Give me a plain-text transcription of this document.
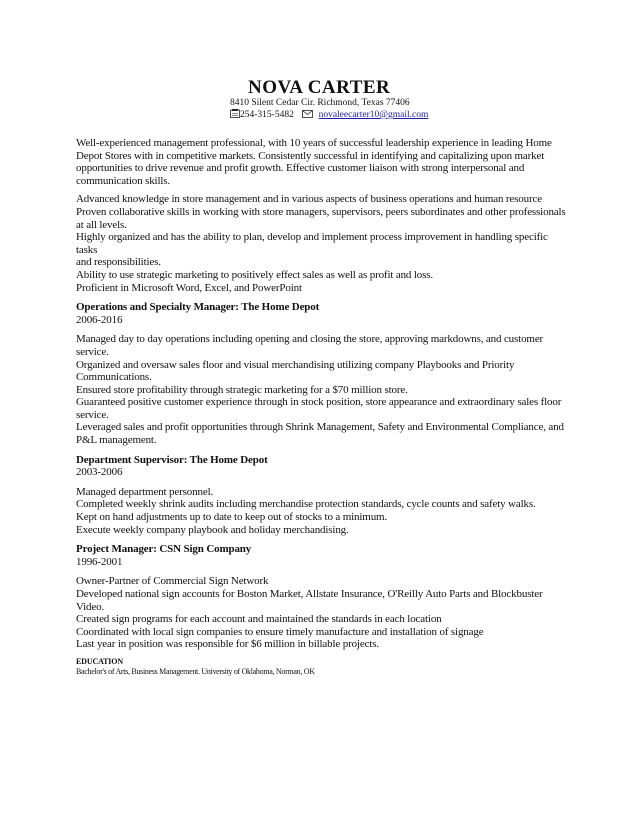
NOVA CARTER
8410 Silent Cedar Cir. Richmond, Texas 77406
254-315-5482	novaleecarter10@gmail.com
Well-experienced management professional, with 10 years of successful leadership experience in leading Home
Depot Stores with in competitive markets. Consistently successful in identifying and capitalizing upon market
opportunities to drive revenue and profit growth. Effective customer liaison with strong interpersonal and
communication skills.
Advanced knowledge in store management and in various aspects of business operations and human resource
Proven collaborative skills in working with store managers, supervisors, peers subordinates and other professionals
at all levels.
Highly organized and has the ability to plan, develop and implement process improvement in handling specific tasks
and responsibilities.
Ability to use strategic marketing to positively effect sales as well as profit and loss.
Proficient in Microsoft Word, Excel, and PowerPoint
Operations and Specialty Manager: The Home Depot
2006-2016
Managed day to day operations including opening and closing the store, approving markdowns, and customer
service.
Organized and oversaw sales floor and visual merchandising utilizing company Playbooks and Priority
Communications.
Ensured store profitability through strategic marketing for a $70 million store.
Guaranteed positive customer experience through in stock position, store appearance and extraordinary sales floor
service.
Leveraged sales and profit opportunities through Shrink Management, Safety and Environmental Compliance, and
P&L management.
Department Supervisor: The Home Depot
2003-2006
Managed department personnel.
Completed weekly shrink audits including merchandise protection standards, cycle counts and safety walks.
Kept on hand adjustments up to date to keep out of stocks to a minimum.
Execute weekly company playbook and holiday merchandising.
Project Manager: CSN Sign Company
1996-2001
Owner-Partner of Commercial Sign Network
Developed national sign accounts for Boston Market, Allstate Insurance, O'Reilly Auto Parts and Blockbuster
Video.
Created sign programs for each account and maintained the standards in each location
Coordinated with local sign companies to ensure timely manufacture and installation of signage
Last year in position was responsible for $6 million in billable projects.
EDUCATION
Bachelor's of Arts, Business Management. University of Oklahoma, Norman, OK
